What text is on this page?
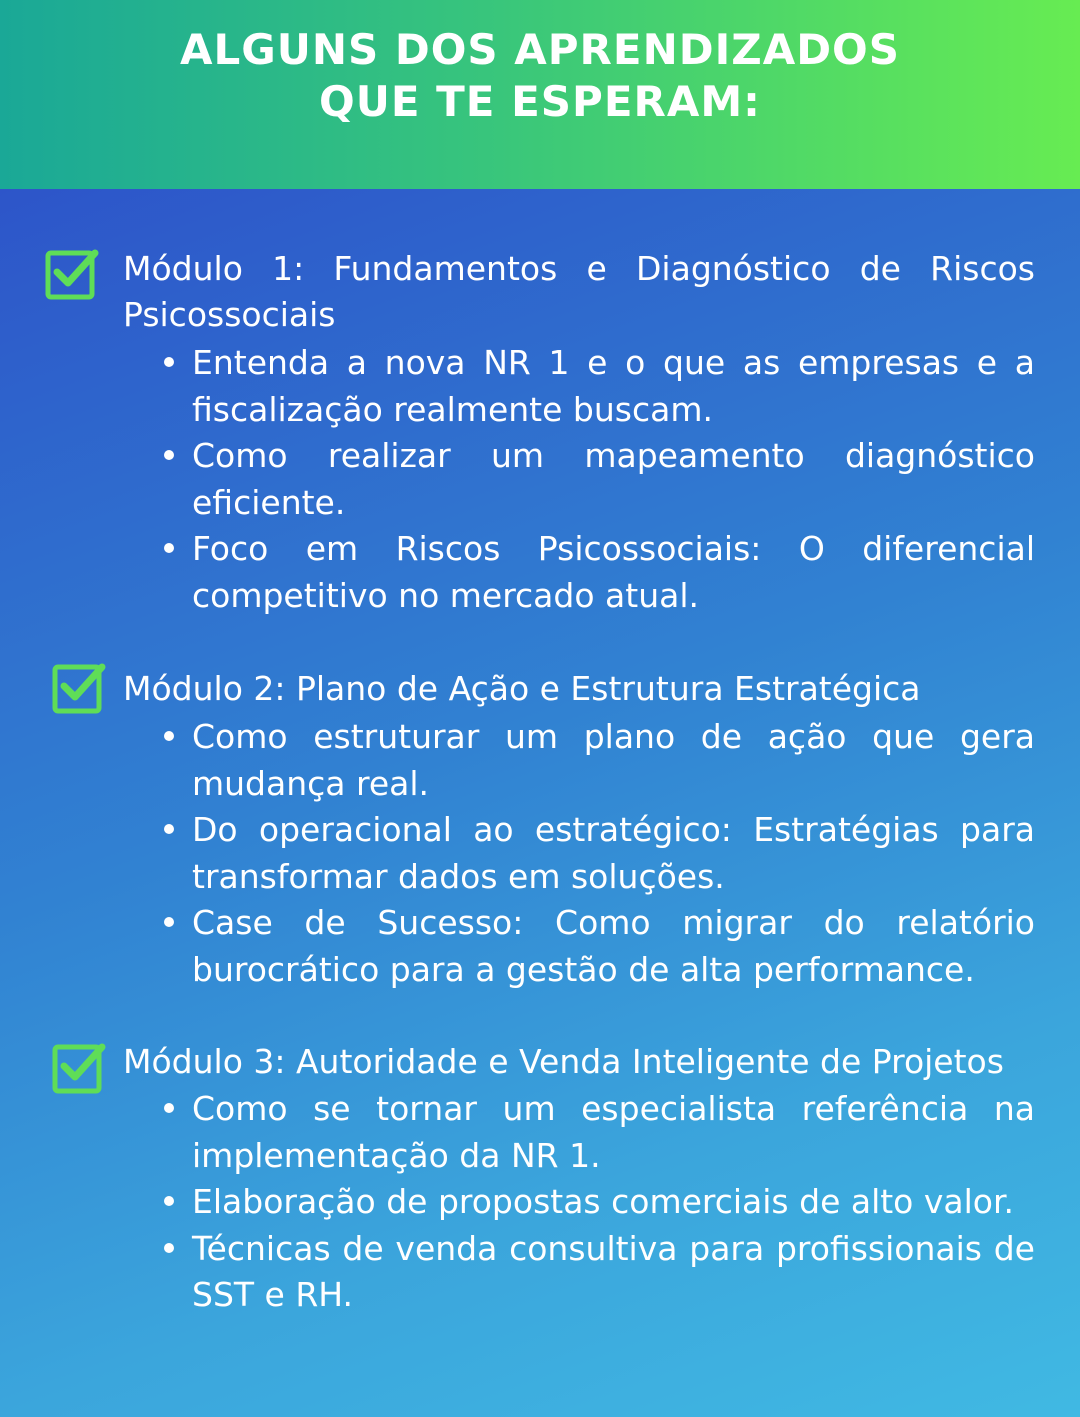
ALGUNS DOS APRENDIZADOS
QUE TE ESPERAM:
Módulo 1: Fundamentos e Diagnóstico de Riscos Psicossociais
Entenda a nova NR 1 e o que as empresas e a fiscalização realmente buscam.
Como realizar um mapeamento diagnóstico eficiente.
Foco em Riscos Psicossociais: O diferencial competitivo no mercado atual.
Módulo 2: Plano de Ação e Estrutura Estratégica
Como estruturar um plano de ação que gera mudança real.
Do operacional ao estratégico: Estratégias para transformar dados em soluções.
Case de Sucesso: Como migrar do relatório burocrático para a gestão de alta performance.
Módulo 3: Autoridade e Venda Inteligente de Projetos
Como se tornar um especialista referência na implementação da NR 1.
Elaboração de propostas comerciais de alto valor.
Técnicas de venda consultiva para profissionais de SST e RH.
